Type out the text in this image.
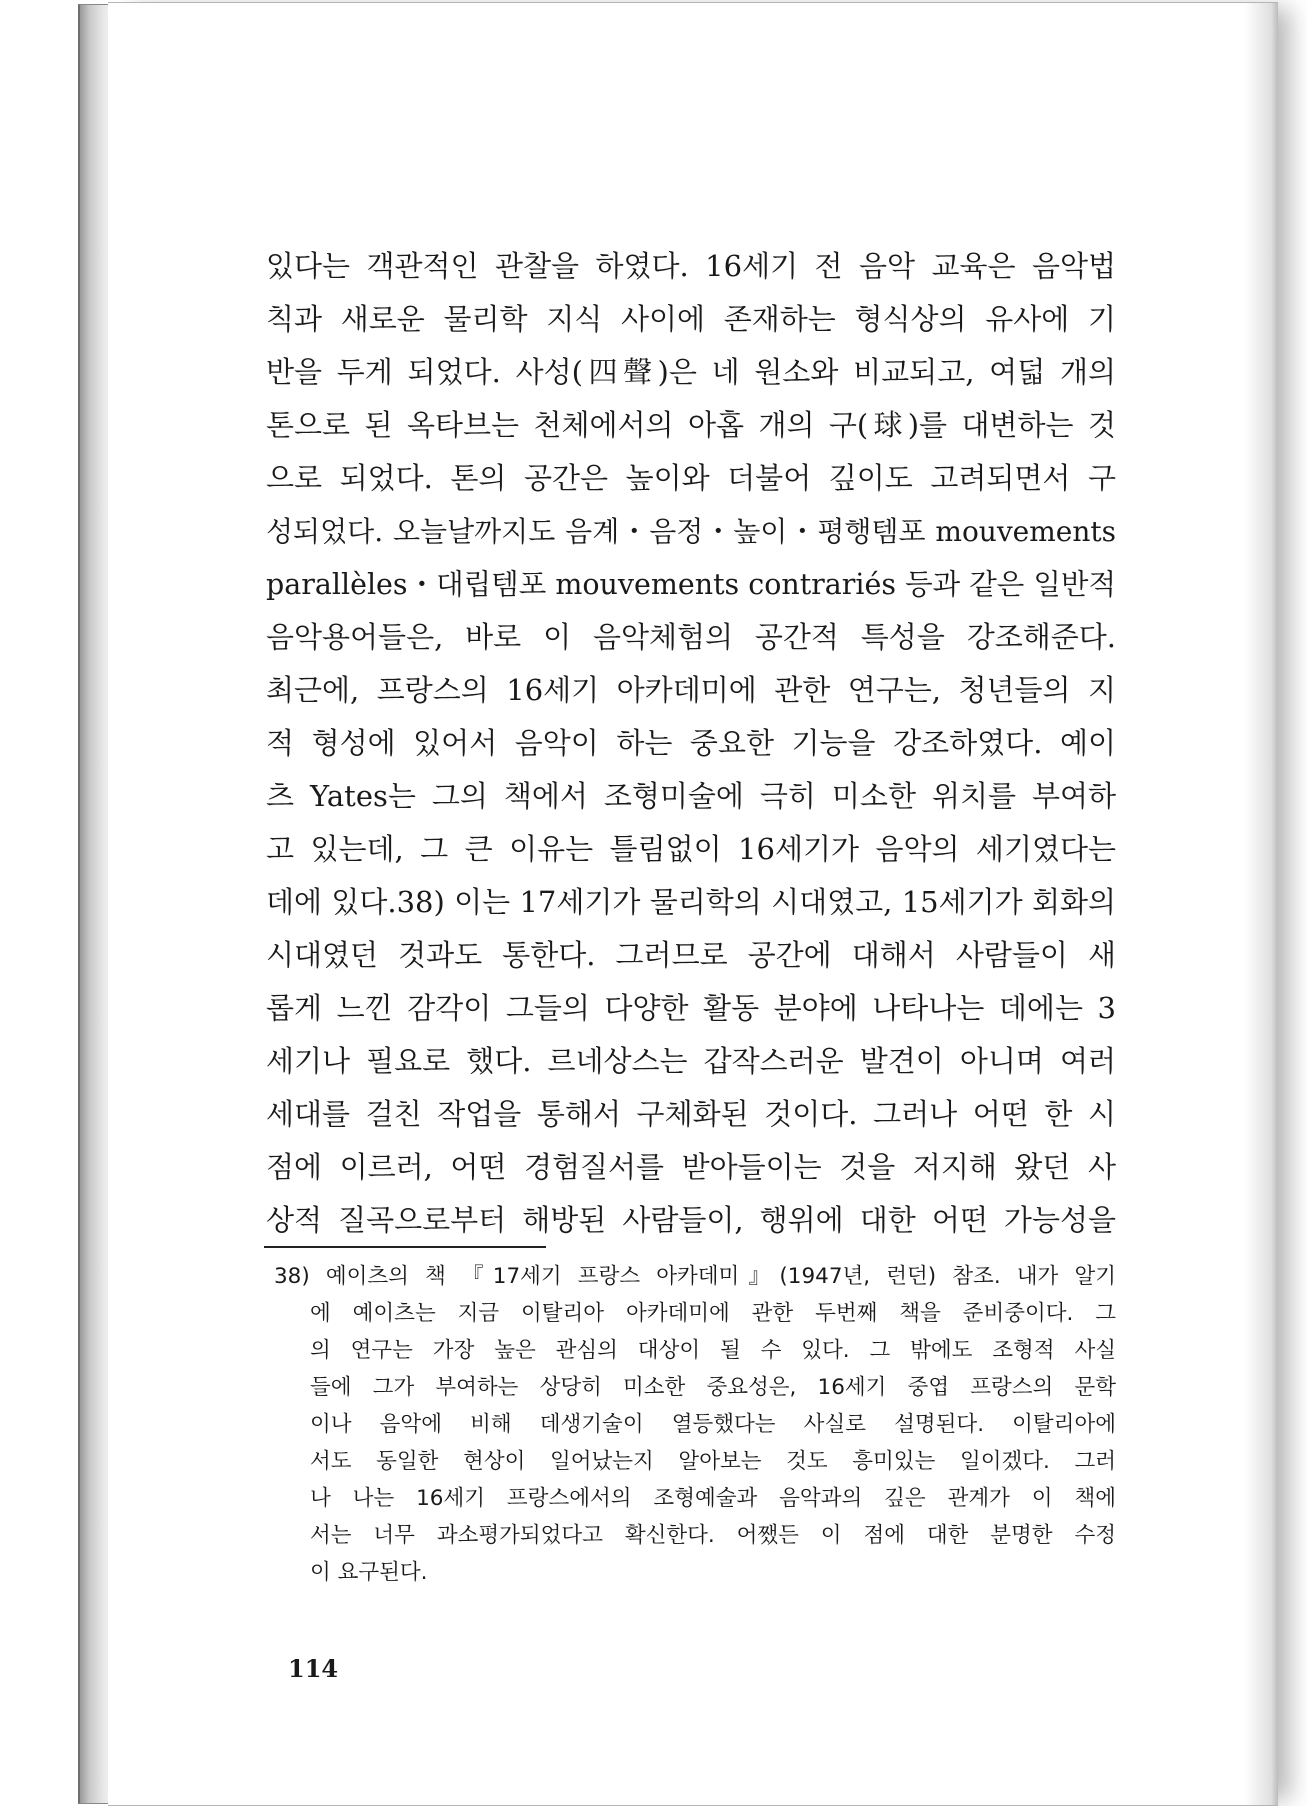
있다는 객관적인 관찰을 하였다. 16세기 전 음악 교육은 음악법
칙과 새로운 물리학 지식 사이에 존재하는 형식상의 유사에 기
반을 두게 되었다. 사성(四聲)은 네 원소와 비교되고, 여덟 개의
톤으로 된 옥타브는 천체에서의 아홉 개의 구(球)를 대변하는 것
으로 되었다. 톤의 공간은 높이와 더불어 깊이도 고려되면서 구
성되었다. 오늘날까지도 음계・음정・높이・평행템포 mouvements
parallèles・대립템포 mouvements contrariés 등과 같은 일반적
음악용어들은, 바로 이 음악체험의 공간적 특성을 강조해준다.
최근에, 프랑스의 16세기 아카데미에 관한 연구는, 청년들의 지
적 형성에 있어서 음악이 하는 중요한 기능을 강조하였다. 예이
츠 Yates는 그의 책에서 조형미술에 극히 미소한 위치를 부여하
고 있는데, 그 큰 이유는 틀림없이 16세기가 음악의 세기였다는
데에 있다.38) 이는 17세기가 물리학의 시대였고, 15세기가 회화의
시대였던 것과도 통한다. 그러므로 공간에 대해서 사람들이 새
롭게 느낀 감각이 그들의 다양한 활동 분야에 나타나는 데에는 3
세기나 필요로 했다. 르네상스는 갑작스러운 발견이 아니며 여러
세대를 걸친 작업을 통해서 구체화된 것이다. 그러나 어떤 한 시
점에 이르러, 어떤 경험질서를 받아들이는 것을 저지해 왔던 사
상적 질곡으로부터 해방된 사람들이, 행위에 대한 어떤 가능성을
38) 예이츠의 책 『17세기 프랑스 아카데미』(1947년, 런던) 참조. 내가 알기
에 예이츠는 지금 이탈리아 아카데미에 관한 두번째 책을 준비중이다. 그
의 연구는 가장 높은 관심의 대상이 될 수 있다. 그 밖에도 조형적 사실
들에 그가 부여하는 상당히 미소한 중요성은, 16세기 중엽 프랑스의 문학
이나 음악에 비해 데생기술이 열등했다는 사실로 설명된다. 이탈리아에
서도 동일한 현상이 일어났는지 알아보는 것도 흥미있는 일이겠다. 그러
나 나는 16세기 프랑스에서의 조형예술과 음악과의 깊은 관계가 이 책에
서는 너무 과소평가되었다고 확신한다. 어쨌든 이 점에 대한 분명한 수정
이 요구된다.
114
